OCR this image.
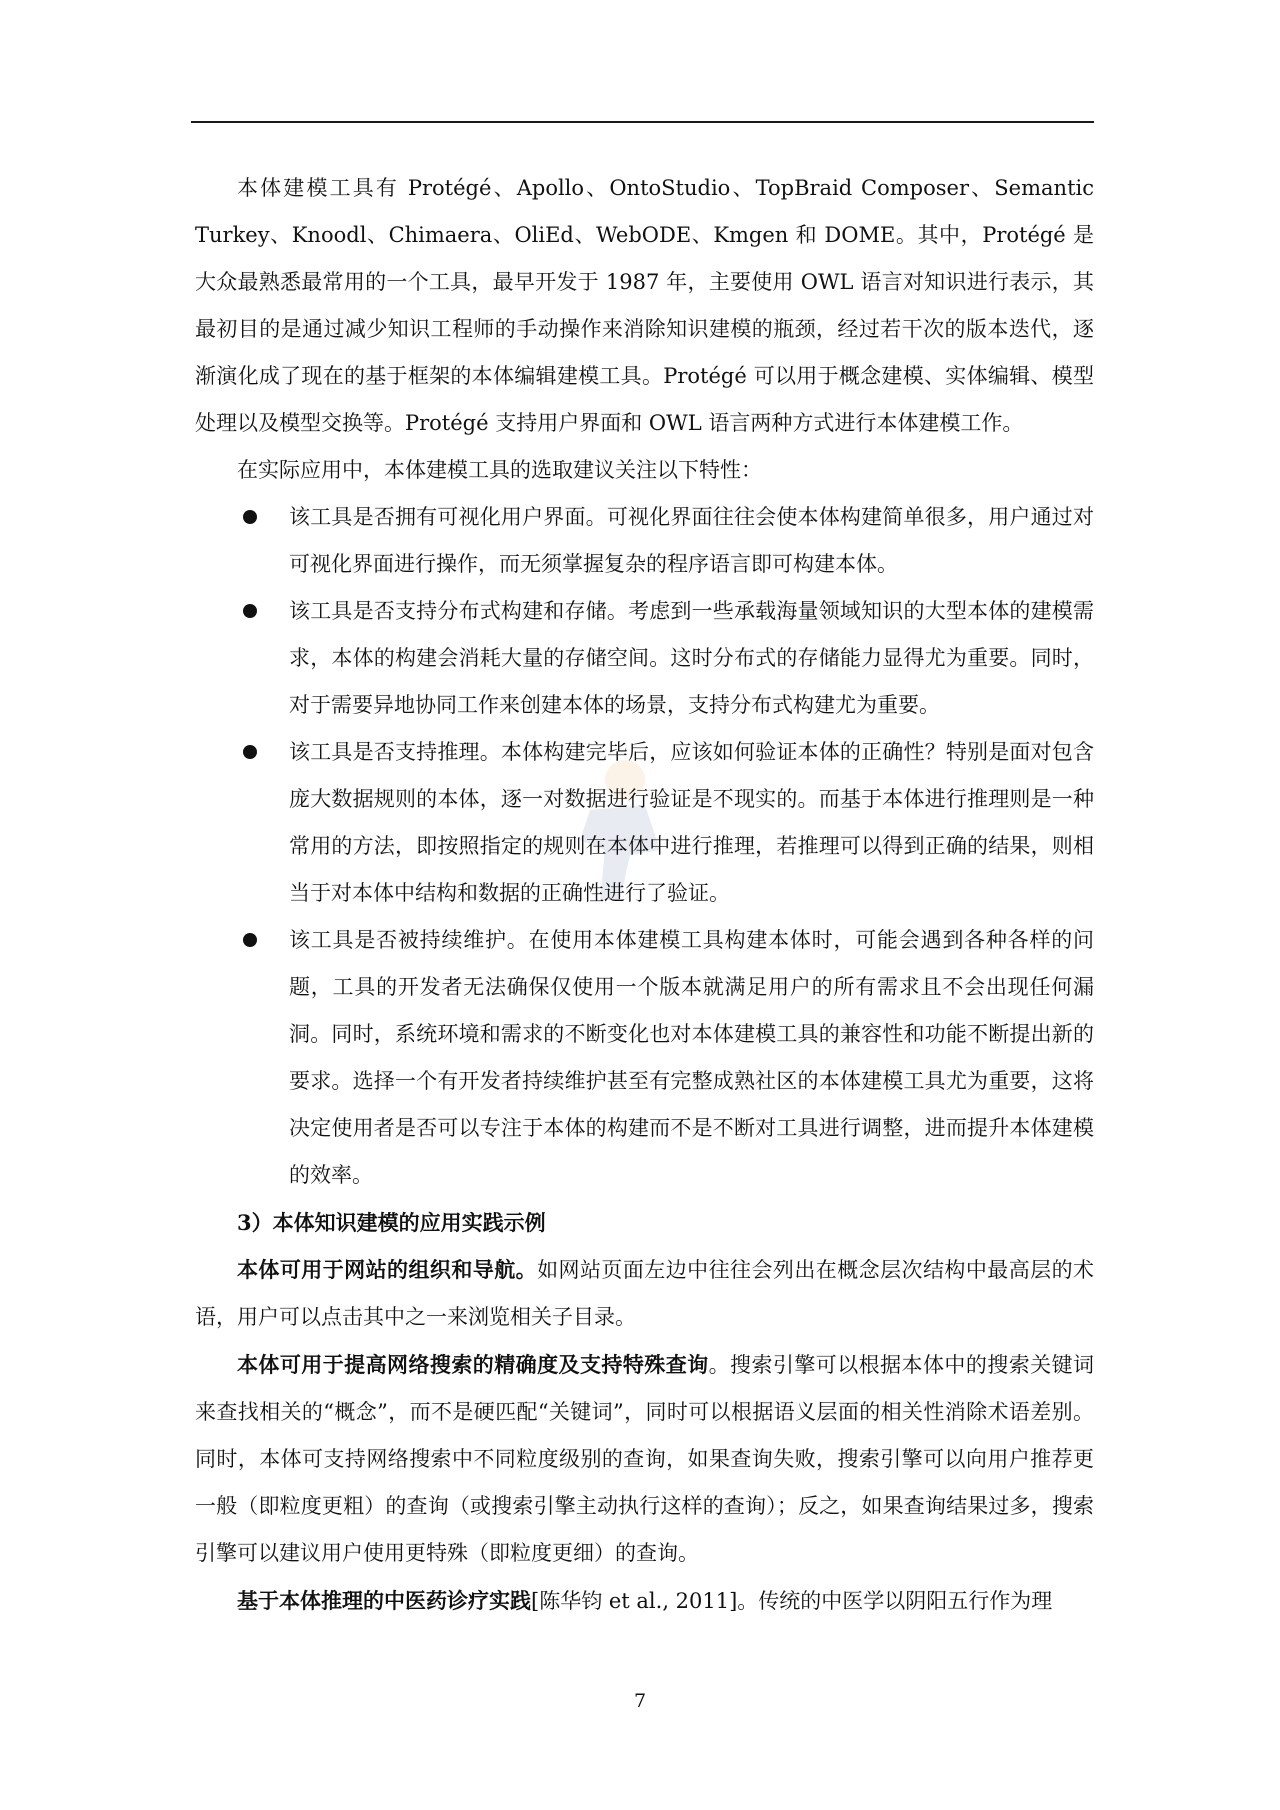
本体建模工具有 Protégé、Apollo、OntoStudio、TopBraid Composer、Semantic Turkey、Knoodl、Chimaera、OliEd、WebODE、Kmgen 和 DOME。其中，Protégé 是大众最熟悉最常用的一个工具，最早开发于 1987 年，主要使用 OWL 语言对知识进行表示，其最初目的是通过减少知识工程师的手动操作来消除知识建模的瓶颈，经过若干次的版本迭代，逐渐演化成了现在的基于框架的本体编辑建模工具。Protégé 可以用于概念建模、实体编辑、模型处理以及模型交换等。Protégé 支持用户界面和 OWL 语言两种方式进行本体建模工作。

在实际应用中，本体建模工具的选取建议关注以下特性：

该工具是否拥有可视化用户界面。可视化界面往往会使本体构建简单很多，用户通过对可视化界面进行操作，而无须掌握复杂的程序语言即可构建本体。

该工具是否支持分布式构建和存储。考虑到一些承载海量领域知识的大型本体的建模需求，本体的构建会消耗大量的存储空间。这时分布式的存储能力显得尤为重要。同时，对于需要异地协同工作来创建本体的场景，支持分布式构建尤为重要。

该工具是否支持推理。本体构建完毕后，应该如何验证本体的正确性？特别是面对包含庞大数据规则的本体，逐一对数据进行验证是不现实的。而基于本体进行推理则是一种常用的方法，即按照指定的规则在本体中进行推理，若推理可以得到正确的结果，则相当于对本体中结构和数据的正确性进行了验证。

该工具是否被持续维护。在使用本体建模工具构建本体时，可能会遇到各种各样的问题，工具的开发者无法确保仅使用一个版本就满足用户的所有需求且不会出现任何漏洞。同时，系统环境和需求的不断变化也对本体建模工具的兼容性和功能不断提出新的要求。选择一个有开发者持续维护甚至有完整成熟社区的本体建模工具尤为重要，这将决定使用者是否可以专注于本体的构建而不是不断对工具进行调整，进而提升本体建模的效率。

3）本体知识建模的应用实践示例

本体可用于网站的组织和导航。如网站页面左边中往往会列出在概念层次结构中最高层的术语，用户可以点击其中之一来浏览相关子目录。

本体可用于提高网络搜索的精确度及支持特殊查询。搜索引擎可以根据本体中的搜索关键词来查找相关的“概念”，而不是硬匹配“关键词”，同时可以根据语义层面的相关性消除术语差别。同时，本体可支持网络搜索中不同粒度级别的查询，如果查询失败，搜索引擎可以向用户推荐更一般（即粒度更粗）的查询（或搜索引擎主动执行这样的查询）；反之，如果查询结果过多，搜索引擎可以建议用户使用更特殊（即粒度更细）的查询。

基于本体推理的中医药诊疗实践[陈华钧 et al., 2011]。传统的中医学以阴阳五行作为理

7
